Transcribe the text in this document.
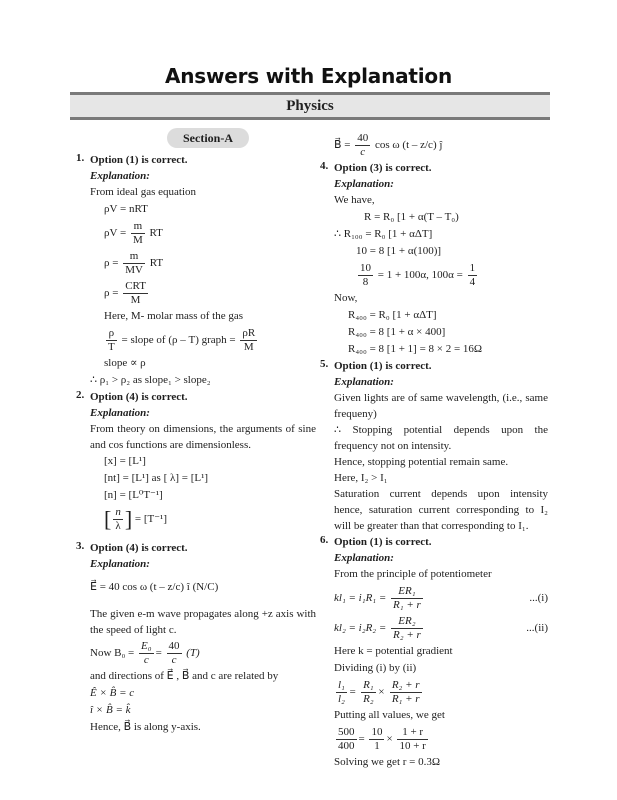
Answers with Explanation
Physics
Section-A
1. Option (1) is correct.
Explanation:
From ideal gas equation
ρV = nRT
$\rho V = \frac{m}{M}$ RT
$\rho = \frac{m}{MV}$ RT
$\rho = \frac{\text{CRT}}{M}$
Here, M- molar mass of the gas
$\frac{\rho}{T}$ = slope of (ρ – T) graph = $\frac{\rho R}{M}$
slope ∝ ρ
∴ ρ₁ > ρ₂ as slope₁ > slope₂
2. Option (4) is correct.
Explanation:
From theory on dimensions, the arguments of sine and cos functions are dimensionless.
[x] = [L¹]
[nt] = [L¹] as [ λ] = [L¹]
[n] = [L⁰T⁻¹]
[ $\frac{n}{\lambda}$ ] = [T⁻¹]
3. Option (4) is correct.
Explanation:
E⃗ = 40 cos ω (t – z/c) î (N/C)
The given e-m wave propagates along +z axis with the speed of light c.
Now $B_0 = \frac{\text{E₀}}{c} = \frac{40}{c} (T)$
and directions of E⃗ , B⃗ and c are related by
Ê × B̂ = c
î × B̂ = k̂
Hence, B⃗ is along y-axis.
B⃗ = $\frac{40}{c}$ cos ω (t – z/c) ĵ
4. Option (3) is correct.
Explanation:
We have,
R = R₀ [1 + α(T – T₀)
∴ R₁₀₀ = R₀ [1 + αΔT]
10 = 8 [1 + α(100)]
$\frac{10}{8} = 1 + 100\alpha$, $100\alpha = \frac{1}{4}$
Now,
R₄₀₀ = R₀ [1 + αΔT]
R₄₀₀ = 8 [1 + α × 400]
R₄₀₀ = 8 [1 + 1] = 8 × 2 = 16Ω
5. Option (1) is correct.
Explanation:
Given lights are of same wavelength, (i.e., same frequeny)
∴ Stopping potential depends upon the frequency not on intensity.
Hence, stopping potential remain same.
Here, I₂ > I₁
Saturation current depends upon intensity hence, saturation current corresponding to I₂ will be greater than that corresponding to I₁.
6. Option (1) is correct.
Explanation:
From the principle of potentiometer
$kl_1 = i_1R_1 = \frac{\text{ER₁}}{\text{R₁ + r}}$	...(i)
$kl_2 = i_2R_2 = \frac{\text{ER₂}}{\text{R₂ + r}}$	...(ii)
Here k = potential gradient
Dividing (i) by (ii)
$\frac{\text{l₁}}{\text{l₂}} = \frac{\text{R₁}}{\text{R₂}} \times \frac{\text{R₂ + r}}{\text{R₁ + r}}$
Putting all values, we get
$\frac{500}{400} = \frac{10}{1} \times \frac{1 + r}{10 + r}$
Solving we get r = 0.3Ω
